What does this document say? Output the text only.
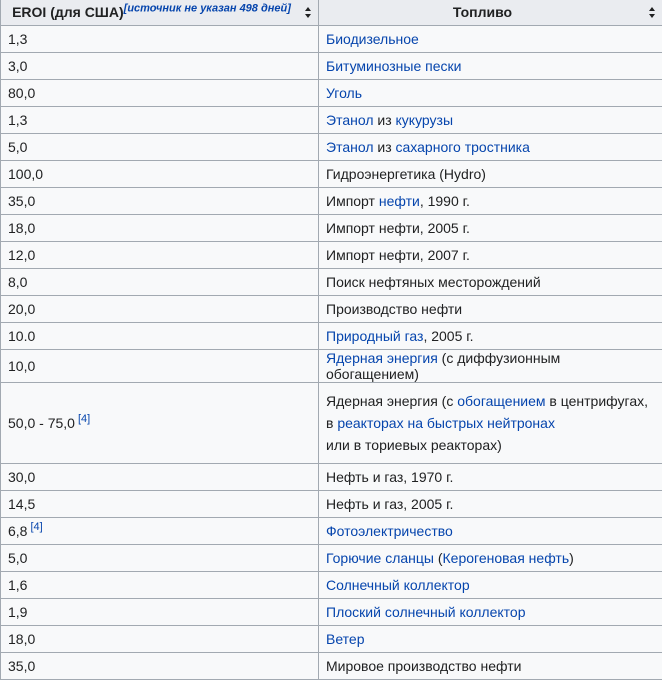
EROI (для США)[источник не указан 498 дней]	Топливо

1,3	Биодизельное
3,0	Битуминозные пески
80,0	Уголь
1,3	Этанол из кукурузы
5,0	Этанол из сахарного тростника
100,0	Гидроэнергетика (Hydro)
35,0	Импорт нефти, 1990 г.
18,0	Импорт нефти, 2005 г.
12,0	Импорт нефти, 2007 г.
8,0	Поиск нефтяных месторождений
20,0	Производство нефти
10.0	Природный газ, 2005 г.
10,0	Ядерная энергия (с диффузионным обогащением)
50,0 - 75,0 [4]	Ядерная энергия (с обогащением в центрифугах,
в реакторах на быстрых нейтронах
или в ториевых реакторах)

30,0	Нефть и газ, 1970 г.
14,5	Нефть и газ, 2005 г.
6,8 [4]	Фотоэлектричество
5,0	Горючие сланцы (Керогеновая нефть)
1,6	Солнечный коллектор
1,9	Плоский солнечный коллектор
18,0	Ветер
35,0	Мировое производство нефти
